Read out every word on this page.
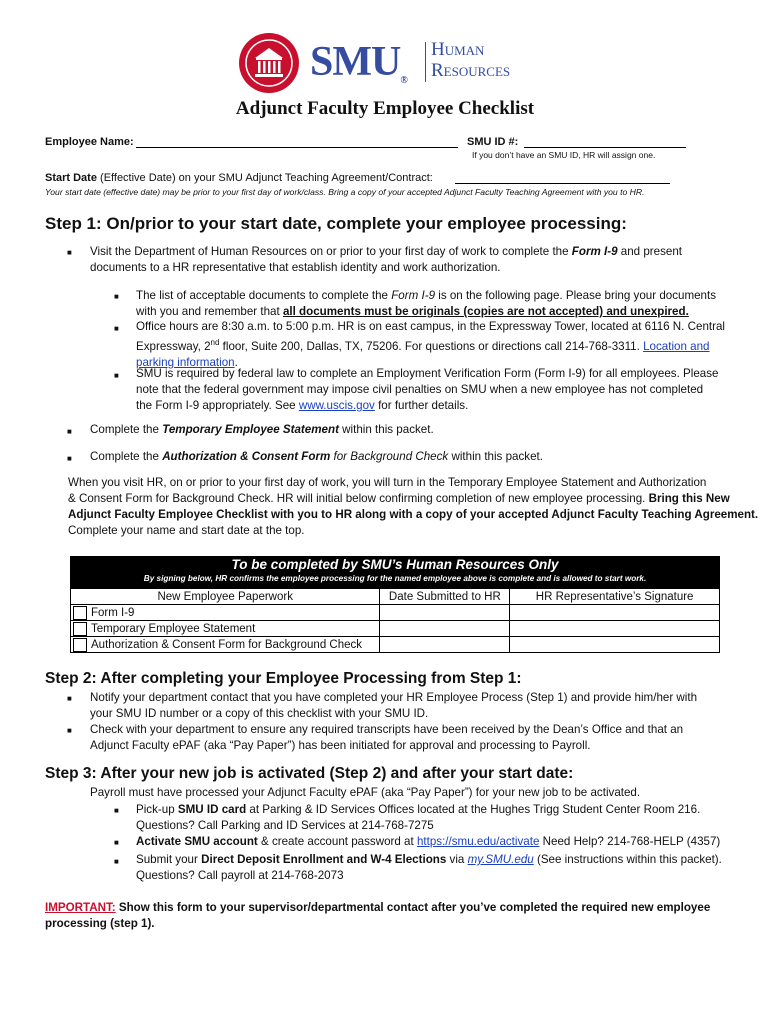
SMU®
Human
Resources
Adjunct Faculty Employee Checklist
Employee Name:	SMU ID #:
If you don’t have an SMU ID, HR will assign one.
Start Date (Effective Date) on your SMU Adjunct Teaching Agreement/Contract:
Your start date (effective date) may be prior to your first day of work/class. Bring a copy of your accepted Adjunct Faculty Teaching Agreement with you to HR.
Step 1: On/prior to your start date, complete your employee processing:
■ Visit the Department of Human Resources on or prior to your first day of work to complete the Form I-9 and present
documents to a HR representative that establish identity and work authorization.
■ The list of acceptable documents to complete the Form I-9 is on the following page. Please bring your documents
with you and remember that all documents must be originals (copies are not accepted) and unexpired.
■ Office hours are 8:30 a.m. to 5:00 p.m. HR is on east campus, in the Expressway Tower, located at 6116 N. Central
Expressway, 2nd floor, Suite 200, Dallas, TX, 75206. For questions or directions call 214-768-3311. Location and
parking information.
■ SMU is required by federal law to complete an Employment Verification Form (Form I-9) for all employees. Please
note that the federal government may impose civil penalties on SMU when a new employee has not completed
the Form I-9 appropriately. See www.uscis.gov for further details.
■ Complete the Temporary Employee Statement within this packet.
■ Complete the Authorization & Consent Form for Background Check within this packet.
When you visit HR, on or prior to your first day of work, you will turn in the Temporary Employee Statement and Authorization
& Consent Form for Background Check. HR will initial below confirming completion of new employee processing. Bring this New
Adjunct Faculty Employee Checklist with you to HR along with a copy of your accepted Adjunct Faculty Teaching Agreement.
Complete your name and start date at the top.
To be completed by SMU’s Human Resources Only
By signing below, HR confirms the employee processing for the named employee above is complete and is allowed to start work.
New Employee Paperwork	Date Submitted to HR	HR Representative’s Signature
Form I-9		
Temporary Employee Statement		
Authorization & Consent Form for Background Check		
Step 2: After completing your Employee Processing from Step 1:
■ Notify your department contact that you have completed your HR Employee Process (Step 1) and provide him/her with
your SMU ID number or a copy of this checklist with your SMU ID.
■ Check with your department to ensure any required transcripts have been received by the Dean’s Office and that an
Adjunct Faculty ePAF (aka “Pay Paper”) has been initiated for approval and processing to Payroll.
Step 3: After your new job is activated (Step 2) and after your start date:
Payroll must have processed your Adjunct Faculty ePAF (aka “Pay Paper”) for your new job to be activated.
■ Pick-up SMU ID card at Parking & ID Services Offices located at the Hughes Trigg Student Center Room 216.
Questions? Call Parking and ID Services at 214-768-7275
■ Activate SMU account & create account password at https://smu.edu/activate Need Help? 214-768-HELP (4357)
■ Submit your Direct Deposit Enrollment and W-4 Elections via my.SMU.edu (See instructions within this packet).
Questions? Call payroll at 214-768-2073
IMPORTANT: Show this form to your supervisor/departmental contact after you’ve completed the required new employee
processing (step 1).
